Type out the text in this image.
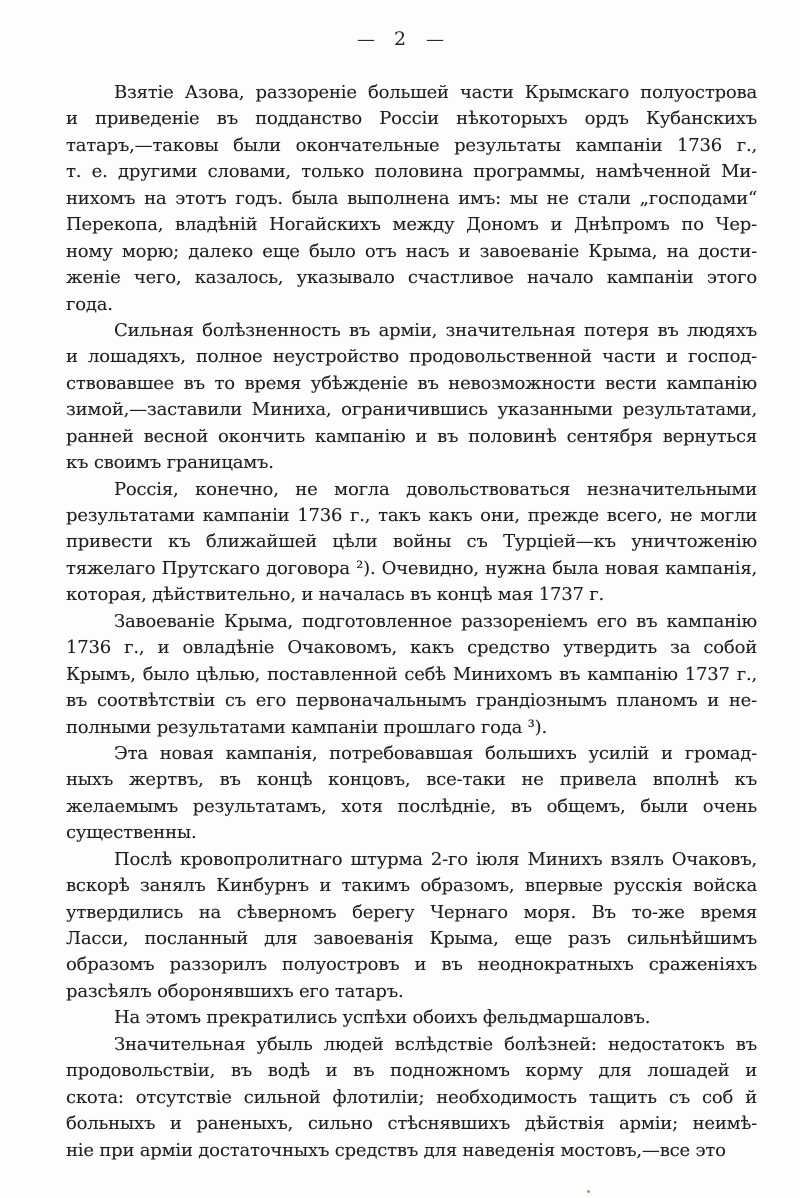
— 2 —
Взятіе Азова, раззореніе большей части Крымскаго полуострова
и приведеніе въ подданство Россіи нѣкоторыхъ ордъ Кубанскихъ
татаръ,—таковы были окончательные результаты кампаніи 1736 г.,
т. е. другими словами, только половина программы, намѣченной Ми-
нихомъ на этотъ годъ. была выполнена имъ: мы не стали „господами“
Перекопа, владѣній Ногайскихъ между Дономъ и Днѣпромъ по Чер-
ному морю; далеко еще было отъ насъ и завоеваніе Крыма, на дости-
женіе чего, казалось, указывало счастливое начало кампаніи этого
года.
Сильная болѣзненность въ арміи, значительная потеря въ людяхъ
и лошадяхъ, полное неустройство продовольственной части и господ-
ствовавшее въ то время убѣжденіе въ невозможности вести кампанію
зимой,—заставили Миниха, ограничившись указанными результатами,
ранней весной окончить кампанію и въ половинѣ сентября вернуться
къ своимъ границамъ.
Россія, конечно, не могла довольствоваться незначительными
результатами кампаніи 1736 г., такъ какъ они, прежде всего, не могли
привести къ ближайшей цѣли войны съ Турціей—къ уничтоженію
тяжелаго Прутскаго договора ²). Очевидно, нужна была новая кампанія,
которая, дѣйствительно, и началась въ концѣ мая 1737 г.
Завоеваніе Крыма, подготовленное раззореніемъ его въ кампанію
1736 г., и овладѣніе Очаковомъ, какъ средство утвердить за собой
Крымъ, было цѣлью, поставленной себѣ Минихомъ въ кампанію 1737 г.,
въ соотвѣтствіи съ его первоначальнымъ грандіознымъ планомъ и не-
полными результатами кампаніи прошлаго года ³).
Эта новая кампанія, потребовавшая большихъ усилій и громад-
ныхъ жертвъ, въ концѣ концовъ, все-таки не привела вполнѣ къ
желаемымъ результатамъ, хотя послѣдніе, въ общемъ, были очень
существенны.
Послѣ кровопролитнаго штурма 2-го іюля Минихъ взялъ Очаковъ,
вскорѣ занялъ Кинбурнъ и такимъ образомъ, впервые русскія войска
утвердились на сѣверномъ берегу Чернаго моря. Въ то-же время
Ласси, посланный для завоеванія Крыма, еще разъ сильнѣйшимъ
образомъ раззорилъ полуостровъ и въ неоднократныхъ сраженіяхъ
разсѣялъ оборонявшихъ его татаръ.
На этомъ прекратились успѣхи обоихъ фельдмаршаловъ.
Значительная убыль людей вслѣдствіе болѣзней: недостатокъ въ
продовольствіи, въ водѣ и въ подножномъ корму для лошадей и
скота: отсутствіе сильной флотиліи; необходимость тащить съ соб й
больныхъ и раненыхъ, сильно стѣснявшихъ дѣйствія арміи; неимѣ-
ніе при арміи достаточныхъ средствъ для наведенія мостовъ,—все это
